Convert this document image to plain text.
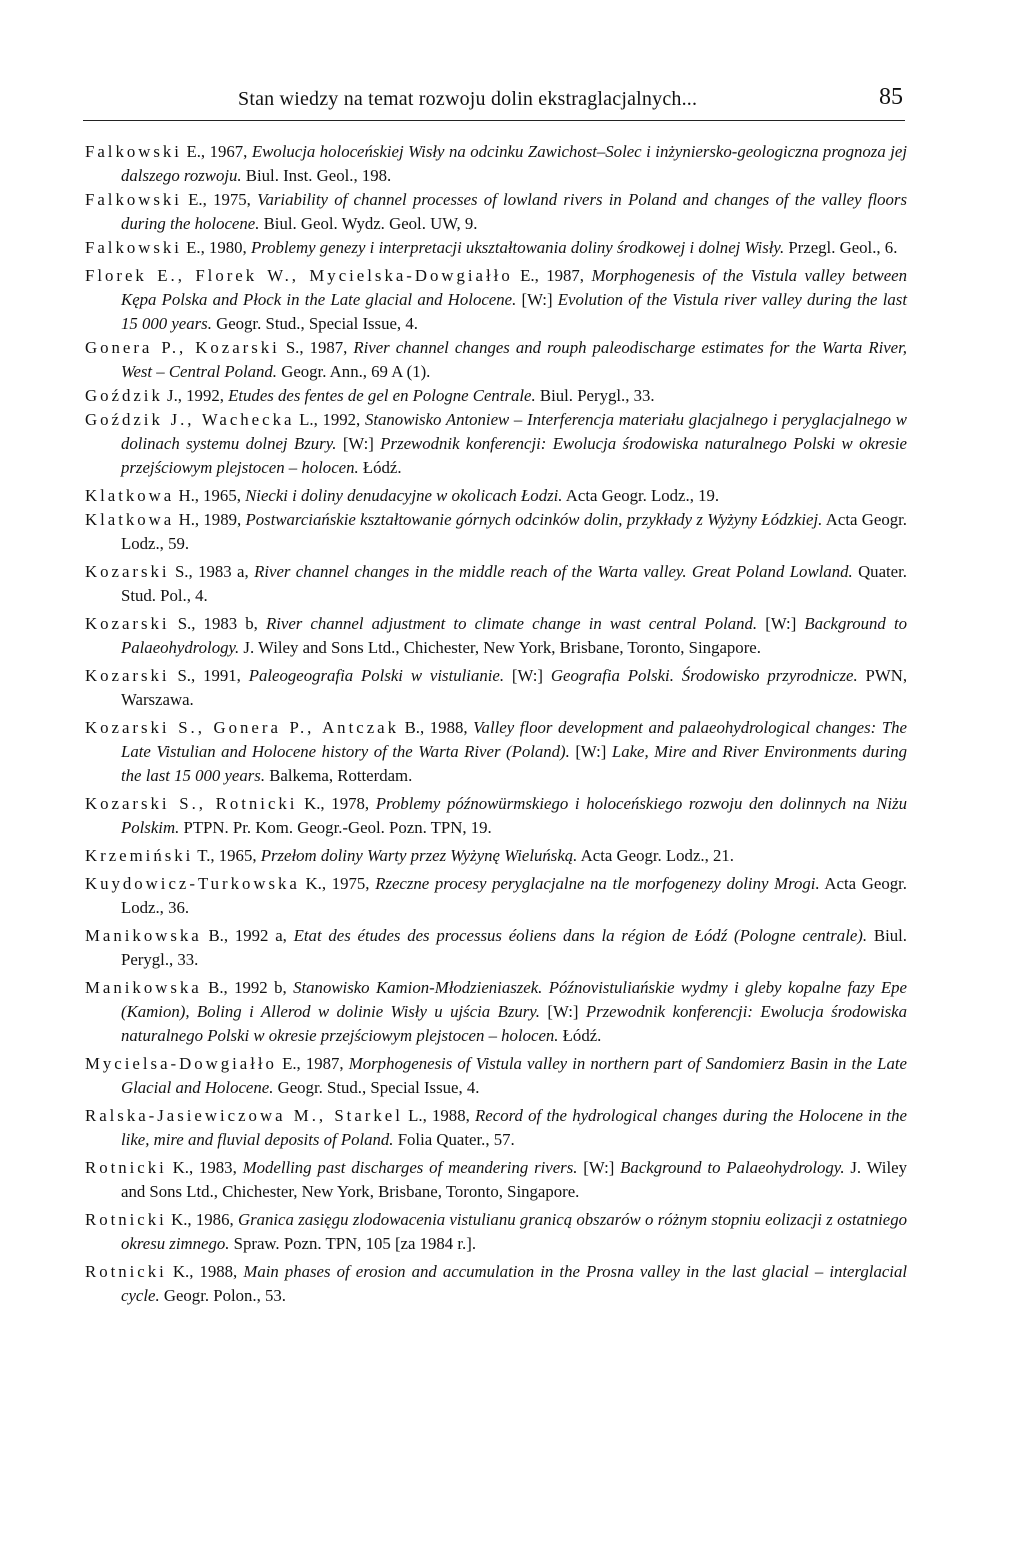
Stan wiedzy na temat rozwoju dolin ekstraglacjalnych...	85
Falkowski E., 1967, Ewolucja holoceńskiej Wisły na odcinku Zawichost–Solec i inżyniersko-geologiczna prognoza jej dalszego rozwoju. Biul. Inst. Geol., 198.
Falkowski E., 1975, Variability of channel processes of lowland rivers in Poland and changes of the valley floors during the holocene. Biul. Geol. Wydz. Geol. UW, 9.
Falkowski E., 1980, Problemy genezy i interpretacji ukształtowania doliny środkowej i dolnej Wisły. Przegl. Geol., 6.
Florek E., Florek W., Mycielska-Dowgiałło E., 1987, Morphogenesis of the Vistula valley between Kępa Polska and Płock in the Late glacial and Holocene. [W:] Evolution of the Vistula river valley during the last 15 000 years. Geogr. Stud., Special Issue, 4.
Gonera P., Kozarski S., 1987, River channel changes and rouph paleodischarge estimates for the Warta River, West – Central Poland. Geogr. Ann., 69 A (1).
Goździk J., 1992, Etudes des fentes de gel en Pologne Centrale. Biul. Perygl., 33.
Goździk J., Wachecka L., 1992, Stanowisko Antoniew – Interferencja materiału glacjalnego i peryglacjalnego w dolinach systemu dolnej Bzury. [W:] Przewodnik konferencji: Ewolucja środowiska naturalnego Polski w okresie przejściowym plejstocen – holocen. Łódź.
Klatkowa H., 1965, Niecki i doliny denudacyjne w okolicach Łodzi. Acta Geogr. Lodz., 19.
Klatkowa H., 1989, Postwarciańskie kształtowanie górnych odcinków dolin, przykłady z Wyżyny Łódzkiej. Acta Geogr. Lodz., 59.
Kozarski S., 1983 a, River channel changes in the middle reach of the Warta valley. Great Poland Lowland. Quater. Stud. Pol., 4.
Kozarski S., 1983 b, River channel adjustment to climate change in wast central Poland. [W:] Background to Palaeohydrology. J. Wiley and Sons Ltd., Chichester, New York, Brisbane, Toronto, Singapore.
Kozarski S., 1991, Paleogeografia Polski w vistulianie. [W:] Geografia Polski. Środowisko przyrodnicze. PWN, Warszawa.
Kozarski S., Gonera P., Antczak B., 1988, Valley floor development and palaeohydrological changes: The Late Vistulian and Holocene history of the Warta River (Poland). [W:] Lake, Mire and River Environments during the last 15 000 years. Balkema, Rotterdam.
Kozarski S., Rotnicki K., 1978, Problemy późnowürmskiego i holoceńskiego rozwoju den dolinnych na Niżu Polskim. PTPN. Pr. Kom. Geogr.-Geol. Pozn. TPN, 19.
Krzemiński T., 1965, Przełom doliny Warty przez Wyżynę Wieluńską. Acta Geogr. Lodz., 21.
Kuydowicz-Turkowska K., 1975, Rzeczne procesy peryglacjalne na tle morfogenezy doliny Mrogi. Acta Geogr. Lodz., 36.
Manikowska B., 1992 a, Etat des études des processus éoliens dans la région de Łódź (Pologne centrale). Biul. Perygl., 33.
Manikowska B., 1992 b, Stanowisko Kamion-Młodzieniaszek. Późnovistuliańskie wydmy i gleby kopalne fazy Epe (Kamion), Boling i Allerod w dolinie Wisły u ujścia Bzury. [W:] Przewodnik konferencji: Ewolucja środowiska naturalnego Polski w okresie przejściowym plejstocen – holocen. Łódź.
Mycielsa-Dowgiałło E., 1987, Morphogenesis of Vistula valley in northern part of Sandomierz Basin in the Late Glacial and Holocene. Geogr. Stud., Special Issue, 4.
Ralska-Jasiewiczowa M., Starkel L., 1988, Record of the hydrological changes during the Holocene in the like, mire and fluvial deposits of Poland. Folia Quater., 57.
Rotnicki K., 1983, Modelling past discharges of meandering rivers. [W:] Background to Palaeohydrology. J. Wiley and Sons Ltd., Chichester, New York, Brisbane, Toronto, Singapore.
Rotnicki K., 1986, Granica zasięgu zlodowacenia vistulianu granicą obszarów o różnym stopniu eolizacji z ostatniego okresu zimnego. Spraw. Pozn. TPN, 105 [za 1984 r.].
Rotnicki K., 1988, Main phases of erosion and accumulation in the Prosna valley in the last glacial – interglacial cycle. Geogr. Polon., 53.
